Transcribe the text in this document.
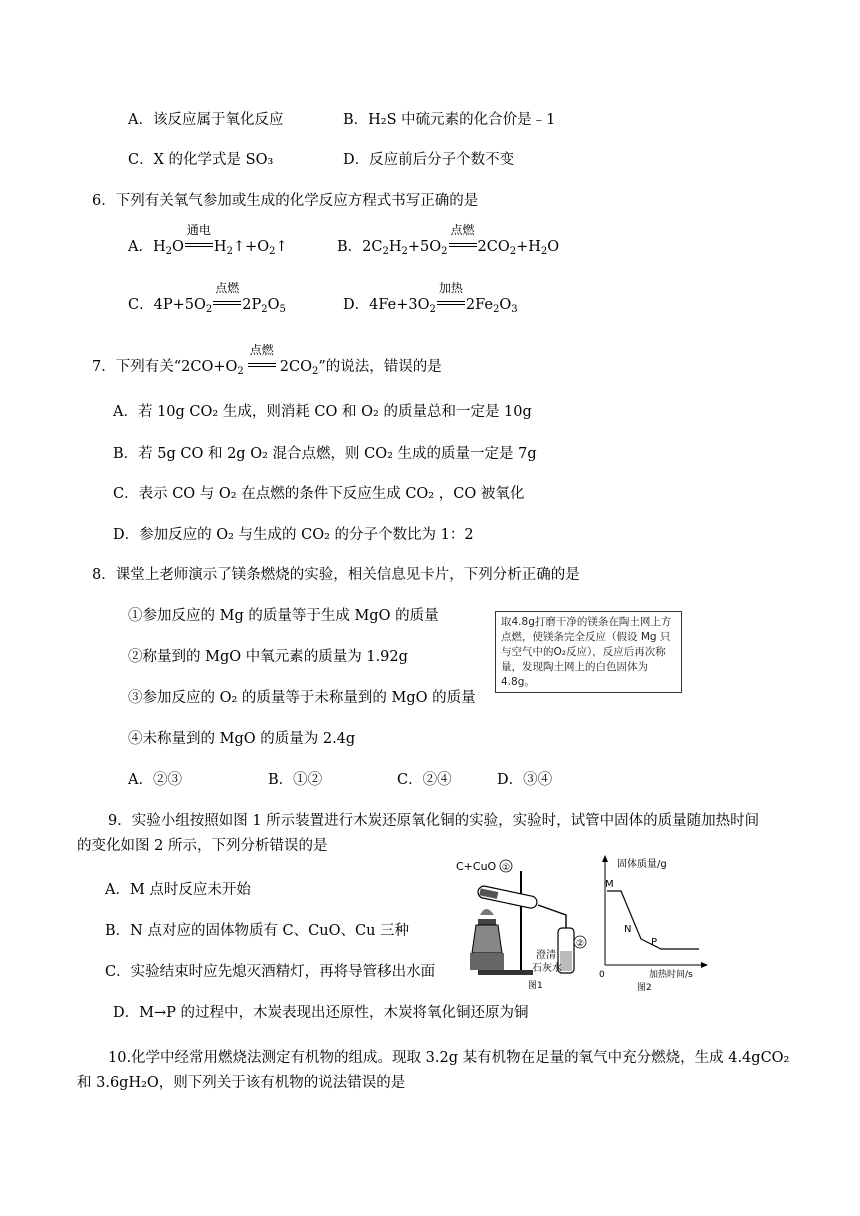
A．该反应属于氧化反应	B．H₂S 中硫元素的化合价是﹣1
C．X 的化学式是 SO₃	D．反应前后分子个数不变
6．下列有关氧气参加或生成的化学反应方程式书写正确的是
A．$H_2O$
通电
$H_2↑+O_2↑$	B．$2C_2H_2+5O_2$
点燃
$2CO_2+H_2O$
C．$4P+5O_2$
点燃
$2P_2O_5$	D．$4Fe+3O_2$
加热
$2Fe_2O_3$
7．下列有关“$2CO+O_2$
点燃
$2CO_2$”的说法，错误的是
A．若 10g CO₂ 生成，则消耗 CO 和 O₂ 的质量总和一定是 10g
B．若 5g CO 和 2g O₂ 混合点燃，则 CO₂ 生成的质量一定是 7g
C．表示 CO 与 O₂ 在点燃的条件下反应生成 CO₂ ，CO 被氧化
D．参加反应的 O₂ 与生成的 CO₂ 的分子个数比为 1：2
8．课堂上老师演示了镁条燃烧的实验，相关信息见卡片，下列分析正确的是
①参加反应的 Mg 的质量等于生成 MgO 的质量
②称量到的 MgO 中氧元素的质量为 1.92g
③参加反应的 O₂ 的质量等于未称量到的 MgO 的质量
④未称量到的 MgO 的质量为 2.4g
取4.8g打磨干净的镁条在陶土网上方点燃，使镁条完全反应（假设 Mg 只与空气中的O₂反应），反应后再次称量，发现陶土网上的白色固体为4.8g。
A．②③	B．①②	C．②④	D．③④
9．实验小组按照如图 1 所示装置进行木炭还原氧化铜的实验，实验时，试管中固体的质量随加热时间
的变化如图 2 所示，下列分析错误的是
A．M 点时反应未开始
B．N 点对应的固体物质有 C、CuO、Cu 三种
C．实验结束时应先熄灭酒精灯，再将导管移出水面
D．M→P 的过程中，木炭表现出还原性，木炭将氧化铜还原为铜
C+CuO ①
②
澄清
石灰水
图1
固体质量/g
加热时间/s
0
M
N
P
图2
10.化学中经常用燃烧法测定有机物的组成。现取 3.2g 某有机物在足量的氧气中充分燃烧，生成 4.4gCO₂
和 3.6gH₂O，则下列关于该有机物的说法错误的是
